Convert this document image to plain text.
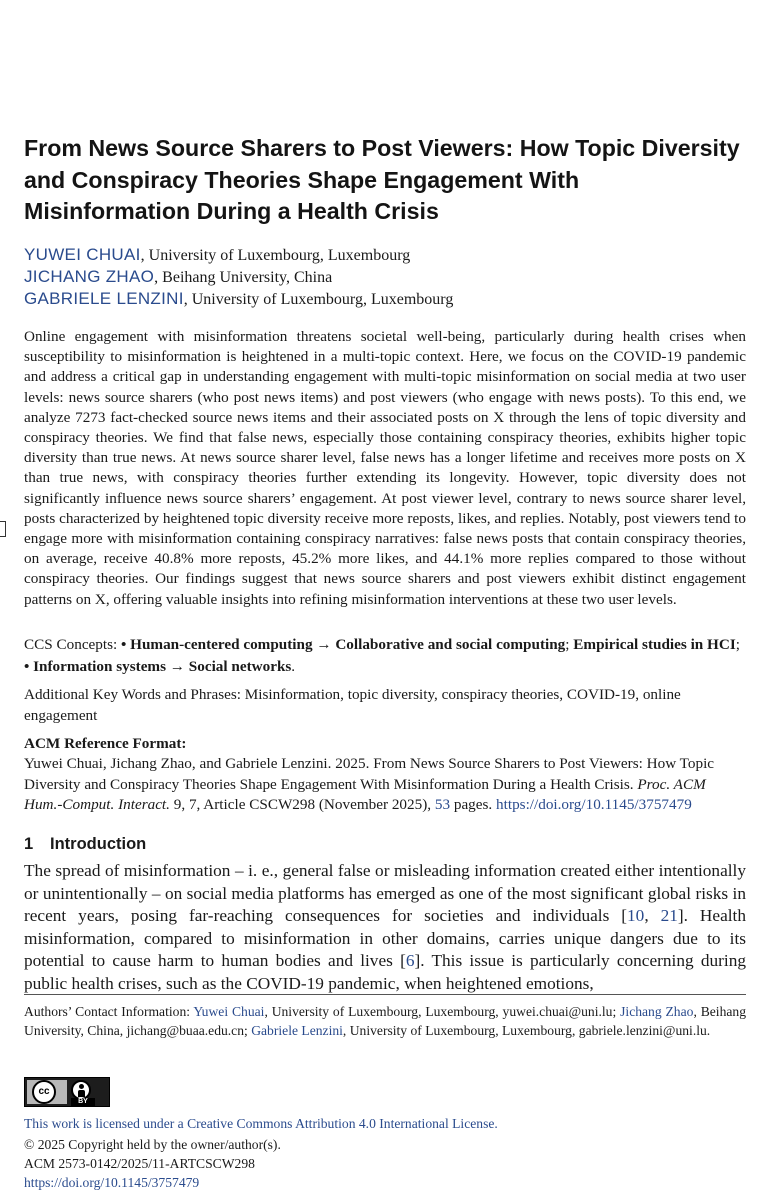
From News Source Sharers to Post Viewers: How Topic Diversity and Conspiracy Theories Shape Engagement With Misinformation During a Health Crisis
YUWEI CHUAI, University of Luxembourg, Luxembourg
JICHANG ZHAO, Beihang University, China
GABRIELE LENZINI, University of Luxembourg, Luxembourg

Online engagement with misinformation threatens societal well-being, particularly during health crises when susceptibility to misinformation is heightened in a multi-topic context. Here, we focus on the COVID-19 pandemic and address a critical gap in understanding engagement with multi-topic misinformation on social media at two user levels: news source sharers (who post news items) and post viewers (who engage with news posts). To this end, we analyze 7273 fact-checked source news items and their associated posts on X through the lens of topic diversity and conspiracy theories. We find that false news, especially those containing conspiracy theories, exhibits higher topic diversity than true news. At news source sharer level, false news has a longer lifetime and receives more posts on X than true news, with conspiracy theories further extending its longevity. However, topic diversity does not significantly influence news source sharers’ engagement. At post viewer level, contrary to news source sharer level, posts characterized by heightened topic diversity receive more reposts, likes, and replies. Notably, post viewers tend to engage more with misinformation containing conspiracy narratives: false news posts that contain conspiracy theories, on average, receive 40.8% more reposts, 45.2% more likes, and 44.1% more replies compared to those without conspiracy theories. Our findings suggest that news source sharers and post viewers exhibit distinct engagement patterns on X, offering valuable insights into refining misinformation interventions at these two user levels.

CCS Concepts: • Human-centered computing → Collaborative and social computing; Empirical studies in HCI; • Information systems → Social networks.

Additional Key Words and Phrases: Misinformation, topic diversity, conspiracy theories, COVID-19, online engagement

ACM Reference Format:

Yuwei Chuai, Jichang Zhao, and Gabriele Lenzini. 2025. From News Source Sharers to Post Viewers: How Topic Diversity and Conspiracy Theories Shape Engagement With Misinformation During a Health Crisis. Proc. ACM Hum.-Comput. Interact. 9, 7, Article CSCW298 (November 2025), 53 pages. https://doi.org/10.1145/3757479

1 Introduction

The spread of misinformation – i. e., general false or misleading information created either intentionally or unintentionally – on social media platforms has emerged as one of the most significant global risks in recent years, posing far-reaching consequences for societies and individuals [10, 21]. Health misinformation, compared to misinformation in other domains, carries unique dangers due to its potential to cause harm to human bodies and lives [6]. This issue is particularly concerning during public health crises, such as the COVID-19 pandemic, when heightened emotions,

Authors’ Contact Information: Yuwei Chuai, University of Luxembourg, Luxembourg, yuwei.chuai@uni.lu; Jichang Zhao, Beihang University, China, jichang@buaa.edu.cn; Gabriele Lenzini, University of Luxembourg, Luxembourg, gabriele.lenzini@uni.lu.

cc
BY

This work is licensed under a Creative Commons Attribution 4.0 International License.

© 2025 Copyright held by the owner/author(s).
ACM 2573-0142/2025/11-ARTCSCW298
https://doi.org/10.1145/3757479
